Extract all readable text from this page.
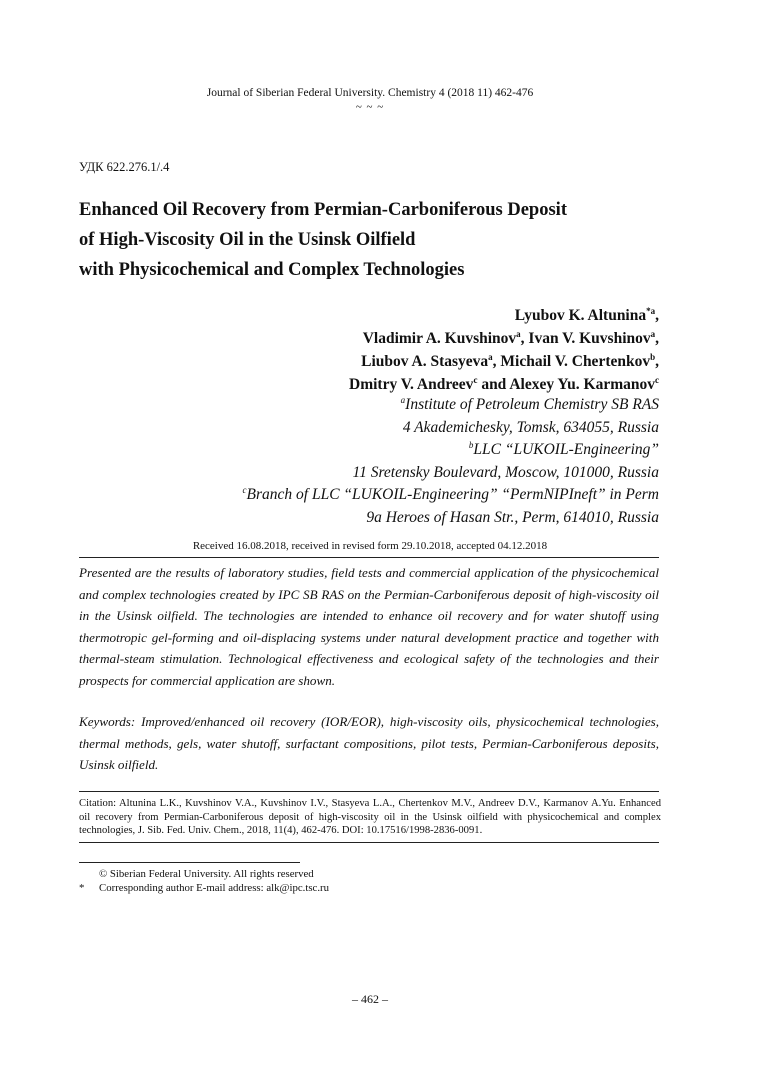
Journal of Siberian Federal University. Chemistry 4 (2018 11) 462-476
~ ~ ~
УДК 622.276.1/.4
Enhanced Oil Recovery from Permian-Carboniferous Deposit
of High-Viscosity Oil in the Usinsk Oilfield
with Physicochemical and Complex Technologies
Lyubov K. Altunina$^{*a}$,
Vladimir A. Kuvshinov$^a$, Ivan V. Kuvshinov$^a$,
Liubov A. Stasyeva$^a$, Michail V. Chertenkov$^b$,
Dmitry V. Andreev$^c$ and Alexey Yu. Karmanov$^c$
$^a$Institute of Petroleum Chemistry SB RAS
4 Akademichesky, Tomsk, 634055, Russia
$^b$LLC “LUKOIL-Engineering”
11 Sretensky Boulevard, Moscow, 101000, Russia
$^c$Branch of LLC “LUKOIL-Engineering” “PermNIPIneft” in Perm
9a Heroes of Hasan Str., Perm, 614010, Russia
Received 16.08.2018, received in revised form 29.10.2018, accepted 04.12.2018
Presented are the results of laboratory studies, field tests and commercial application of the physicochemical and complex technologies created by IPC SB RAS on the Permian-Carboniferous deposit of high-viscosity oil in the Usinsk oilfield. The technologies are intended to enhance oil recovery and for water shutoff using thermotropic gel-forming and oil-displacing systems under natural development practice and together with thermal-steam stimulation. Technological effectiveness and ecological safety of the technologies and their prospects for commercial application are shown.
Keywords: Improved/enhanced oil recovery (IOR/EOR), high-viscosity oils, physicochemical technologies, thermal methods, gels, water shutoff, surfactant compositions, pilot tests, Permian-Carboniferous deposits, Usinsk oilfield.
Citation: Altunina L.K., Kuvshinov V.A., Kuvshinov I.V., Stasyeva L.A., Chertenkov M.V., Andreev D.V., Karmanov A.Yu. Enhanced oil recovery from Permian-Carboniferous deposit of high-viscosity oil in the Usinsk oilfield with physicochemical and complex technologies, J. Sib. Fed. Univ. Chem., 2018, 11(4), 462-476. DOI: 10.17516/1998-2836-0091.
© Siberian Federal University. All rights reserved
* Corresponding author E-mail address: alk@ipc.tsc.ru
– 462 –
